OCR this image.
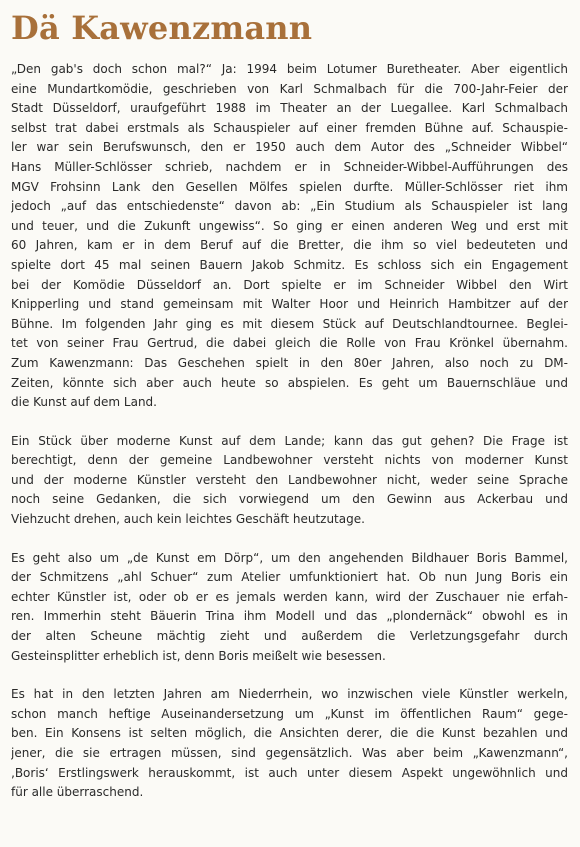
Dä Kawenzmann

„Den gab's doch schon mal?“ Ja: 1994 beim Lotumer Buretheater. Aber eigentlich
eine Mundartkomödie, geschrieben von Karl Schmalbach für die 700-Jahr-Feier der
Stadt Düsseldorf, uraufgeführt 1988 im Theater an der Luegallee. Karl Schmalbach
selbst trat dabei erstmals als Schauspieler auf einer fremden Bühne auf. Schauspie-
ler war sein Berufswunsch, den er 1950 auch dem Autor des „Schneider Wibbel“
Hans Müller-Schlösser schrieb, nachdem er in Schneider-Wibbel-Aufführungen des
MGV Frohsinn Lank den Gesellen Mölfes spielen durfte. Müller-Schlösser riet ihm
jedoch „auf das entschiedenste“ davon ab: „Ein Studium als Schauspieler ist lang
und teuer, und die Zukunft ungewiss“. So ging er einen anderen Weg und erst mit
60 Jahren, kam er in dem Beruf auf die Bretter, die ihm so viel bedeuteten und
spielte dort 45 mal seinen Bauern Jakob Schmitz. Es schloss sich ein Engagement
bei der Komödie Düsseldorf an. Dort spielte er im Schneider Wibbel den Wirt
Knipperling und stand gemeinsam mit Walter Hoor und Heinrich Hambitzer auf der
Bühne. Im folgenden Jahr ging es mit diesem Stück auf Deutschlandtournee. Beglei-
tet von seiner Frau Gertrud, die dabei gleich die Rolle von Frau Krönkel übernahm.
Zum Kawenzmann: Das Geschehen spielt in den 80er Jahren, also noch zu DM-
Zeiten, könnte sich aber auch heute so abspielen. Es geht um Bauernschläue und
die Kunst auf dem Land.

Ein Stück über moderne Kunst auf dem Lande; kann das gut gehen? Die Frage ist
berechtigt, denn der gemeine Landbewohner versteht nichts von moderner Kunst
und der moderne Künstler versteht den Landbewohner nicht, weder seine Sprache
noch seine Gedanken, die sich vorwiegend um den Gewinn aus Ackerbau und
Viehzucht drehen, auch kein leichtes Geschäft heutzutage.

Es geht also um „de Kunst em Dörp“, um den angehenden Bildhauer Boris Bammel,
der Schmitzens „ahl Schuer“ zum Atelier umfunktioniert hat. Ob nun Jung Boris ein
echter Künstler ist, oder ob er es jemals werden kann, wird der Zuschauer nie erfah-
ren. Immerhin steht Bäuerin Trina ihm Modell und das „plondernäck“ obwohl es in
der alten Scheune mächtig zieht und außerdem die Verletzungsgefahr durch
Gesteinsplitter erheblich ist, denn Boris meißelt wie besessen.

Es hat in den letzten Jahren am Niederrhein, wo inzwischen viele Künstler werkeln,
schon manch heftige Auseinandersetzung um „Kunst im öffentlichen Raum“ gege-
ben. Ein Konsens ist selten möglich, die Ansichten derer, die die Kunst bezahlen und
jener, die sie ertragen müssen, sind gegensätzlich. Was aber beim „Kawenzmann“,
‚Boris‘ Erstlingswerk herauskommt, ist auch unter diesem Aspekt ungewöhnlich und
für alle überraschend.
